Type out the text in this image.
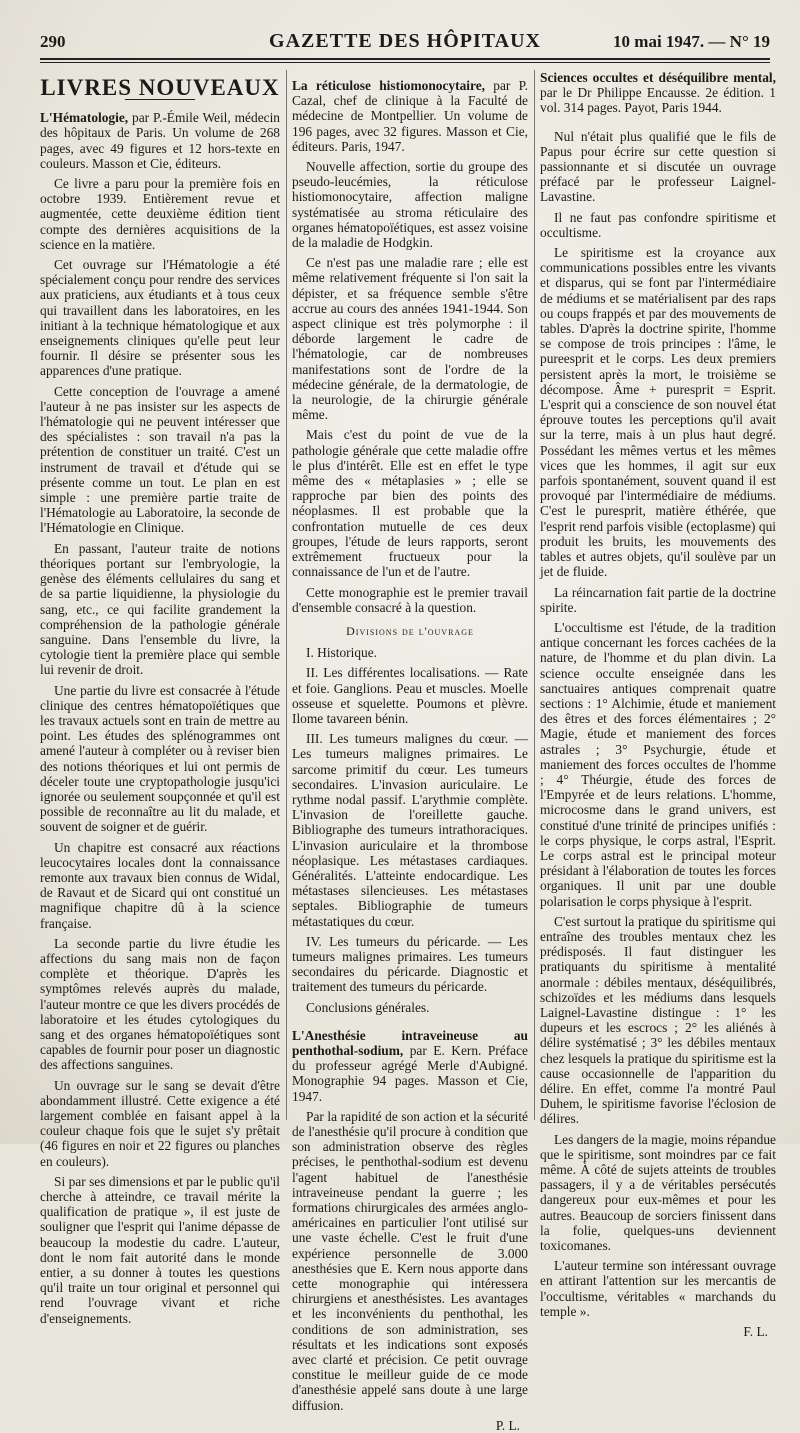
290	GAZETTE DES HÔPITAUX	10 mai 1947. — N° 19
LIVRES NOUVEAUX

L'Hématologie, par P.-Émile Weil, médecin des hôpitaux de Paris. Un volume de 268 pages, avec 49 figures et 12 hors-texte en couleurs. Masson et Cie, éditeurs.

Ce livre a paru pour la première fois en octobre 1939. Entièrement revue et augmentée, cette deuxième édition tient compte des dernières acquisitions de la science en la matière.

Cet ouvrage sur l'Hématologie a été spécialement conçu pour rendre des services aux praticiens, aux étudiants et à tous ceux qui travaillent dans les laboratoires, en les initiant à la technique hématologique et aux enseignements cliniques qu'elle peut leur fournir. Il désire se présenter sous les apparences d'une pratique.

Cette conception de l'ouvrage a amené l'auteur à ne pas insister sur les aspects de l'hématologie qui ne peuvent intéresser que des spécialistes : son travail n'a pas la prétention de constituer un traité. C'est un instrument de travail et d'étude qui se présente comme un tout. Le plan en est simple : une première partie traite de l'Hématologie au Laboratoire, la seconde de l'Hématologie en Clinique.

En passant, l'auteur traite de notions théoriques portant sur l'embryologie, la genèse des éléments cellulaires du sang et de sa partie liquidienne, la physiologie du sang, etc., ce qui facilite grandement la compréhension de la pathologie générale sanguine. Dans l'ensemble du livre, la cytologie tient la première place qui semble lui revenir de droit.

Une partie du livre est consacrée à l'étude clinique des centres hématopoïétiques que les travaux actuels sont en train de mettre au point. Les études des splénogrammes ont amené l'auteur à compléter ou à reviser bien des notions théoriques et lui ont permis de déceler toute une cryptopathologie jusqu'ici ignorée ou seulement soupçonnée et qu'il est possible de reconnaître au lit du malade, et souvent de soigner et de guérir.

Un chapitre est consacré aux réactions leucocytaires locales dont la connaissance remonte aux travaux bien connus de Widal, de Ravaut et de Sicard qui ont constitué un magnifique chapitre dû à la science française.

La seconde partie du livre étudie les affections du sang mais non de façon complète et théorique. D'après les symptômes relevés auprès du malade, l'auteur montre ce que les divers procédés de laboratoire et les études cytologiques du sang et des organes hématopoïétiques sont capables de fournir pour poser un diagnostic des affections sanguines.

Un ouvrage sur le sang se devait d'être abondamment illustré. Cette exigence a été largement comblée en faisant appel à la couleur chaque fois que le sujet s'y prêtait (46 figures en noir et 22 figures ou planches en couleurs).

Si par ses dimensions et par le public qu'il cherche à atteindre, ce travail mérite la qualification de pratique », il est juste de souligner que l'esprit qui l'anime dépasse de beaucoup la modestie du cadre. L'auteur, dont le nom fait autorité dans le monde entier, a su donner à toutes les questions qu'il traite un tour original et personnel qui rend l'ouvrage vivant et riche d'enseignements.

La réticulose histiomonocytaire, par P. Cazal, chef de clinique à la Faculté de médecine de Montpellier. Un volume de 196 pages, avec 32 figures. Masson et Cie, éditeurs. Paris, 1947.

Nouvelle affection, sortie du groupe des pseudo-leucémies, la réticulose histiomonocytaire, affection maligne systématisée au stroma réticulaire des organes hématopoïétiques, est assez voisine de la maladie de Hodgkin.

Ce n'est pas une maladie rare ; elle est même relativement fréquente si l'on sait la dépister, et sa fréquence semble s'être accrue au cours des années 1941-1944. Son aspect clinique est très polymorphe : il déborde largement le cadre de l'hématologie, car de nombreuses manifestations sont de l'ordre de la médecine générale, de la dermatologie, de la neurologie, de la chirurgie générale même.

Mais c'est du point de vue de la pathologie générale que cette maladie offre le plus d'intérêt. Elle est en effet le type même des « métaplasies » ; elle se rapproche par bien des points des néoplasmes. Il est probable que la confrontation mutuelle de ces deux groupes, l'étude de leurs rapports, seront extrêmement fructueux pour la connaissance de l'un et de l'autre.

Cette monographie est le premier travail d'ensemble consacré à la question.

Divisions de l'ouvrage

I. Historique.

II. Les différentes localisations. — Rate et foie. Ganglions. Peau et muscles. Moelle osseuse et squelette. Poumons et plèvre. Ilome tavareen bénin.

III. Les tumeurs malignes du cœur. — Les tumeurs malignes primaires. Le sarcome primitif du cœur. Les tumeurs secondaires. L'invasion auriculaire. Le rythme nodal passif. L'arythmie complète. L'invasion de l'oreillette gauche. Bibliographe des tumeurs intrathoraciques. L'invasion auriculaire et la thrombose néoplasique. Les métastases cardiaques. Généralités. L'atteinte endocardique. Les métastases silencieuses. Les métastases septales. Bibliographie de tumeurs métastatiques du cœur.

IV. Les tumeurs du péricarde. — Les tumeurs malignes primaires. Les tumeurs secondaires du péricarde. Diagnostic et traitement des tumeurs du péricarde.

Conclusions générales.

L'Anesthésie intraveineuse au penthothal-sodium, par E. Kern. Préface du professeur agrégé Merle d'Aubigné. Monographie 94 pages. Masson et Cie, 1947.

Par la rapidité de son action et la sécurité de l'anesthésie qu'il procure à condition que son administration observe des règles précises, le penthothal-sodium est devenu l'agent habituel de l'anesthésie intraveineuse pendant la guerre ; les formations chirurgicales des armées anglo-américaines en particulier l'ont utilisé sur une vaste échelle. C'est le fruit d'une expérience personnelle de 3.000 anesthésies que E. Kern nous apporte dans cette monographie qui intéressera chirurgiens et anesthésistes. Les avantages et les inconvénients du penthothal, les conditions de son administration, ses résultats et les indications sont exposés avec clarté et précision. Ce petit ouvrage constitue le meilleur guide de ce mode d'anesthésie appelé sans doute à une large diffusion.

P. L.

Sciences occultes et déséquilibre mental, par le Dr Philippe Encausse. 2e édition. 1 vol. 314 pages. Payot, Paris 1944.

Nul n'était plus qualifié que le fils de Papus pour écrire sur cette question si passionnante et si discutée un ouvrage préfacé par le professeur Laignel-Lavastine.

Il ne faut pas confondre spiritisme et occultisme.

Le spiritisme est la croyance aux communications possibles entre les vivants et disparus, qui se font par l'intermédiaire de médiums et se matérialisent par des raps ou coups frappés et par des mouvements de tables. D'après la doctrine spirite, l'homme se compose de trois principes : l'âme, le pureesprit et le corps. Les deux premiers persistent après la mort, le troisième se décompose. Âme + puresprit = Esprit. L'esprit qui a conscience de son nouvel état éprouve toutes les perceptions qu'il avait sur la terre, mais à un plus haut degré. Possédant les mêmes vertus et les mêmes vices que les hommes, il agit sur eux parfois spontanément, souvent quand il est provoqué par l'intermédiaire de médiums. C'est le puresprit, matière éthérée, que l'esprit rend parfois visible (ectoplasme) qui produit les bruits, les mouvements des tables et autres objets, qu'il soulève par un jet de fluide.

La réincarnation fait partie de la doctrine spirite.

L'occultisme est l'étude, de la tradition antique concernant les forces cachées de la nature, de l'homme et du plan divin. La science occulte enseignée dans les sanctuaires antiques comprenait quatre sections : 1° Alchimie, étude et maniement des êtres et des forces élémentaires ; 2° Magie, étude et maniement des forces astrales ; 3° Psychurgie, étude et maniement des forces occultes de l'homme ; 4° Théurgie, étude des forces de l'Empyrée et de leurs relations. L'homme, microcosme dans le grand univers, est constitué d'une trinité de principes unifiés : le corps physique, le corps astral, l'Esprit. Le corps astral est le principal moteur présidant à l'élaboration de toutes les forces organiques. Il unit par une double polarisation le corps physique à l'esprit.

C'est surtout la pratique du spiritisme qui entraîne des troubles mentaux chez les prédisposés. Il faut distinguer les pratiquants du spiritisme à mentalité anormale : débiles mentaux, déséquilibrés, schizoïdes et les médiums dans lesquels Laignel-Lavastine distingue : 1° les dupeurs et les escrocs ; 2° les aliénés à délire systématisé ; 3° les débiles mentaux chez lesquels la pratique du spiritisme est la cause occasionnelle de l'apparition du délire. En effet, comme l'a montré Paul Duhem, le spiritisme favorise l'éclosion de délires.

Les dangers de la magie, moins répandue que le spiritisme, sont moindres par ce fait même. À côté de sujets atteints de troubles passagers, il y a de véritables persécutés dangereux pour eux-mêmes et pour les autres. Beaucoup de sorciers finissent dans la folie, quelques-uns deviennent toxicomanes.

L'auteur termine son intéressant ouvrage en attirant l'attention sur les mercantis de l'occultisme, véritables « marchands du temple ».

F. L.
